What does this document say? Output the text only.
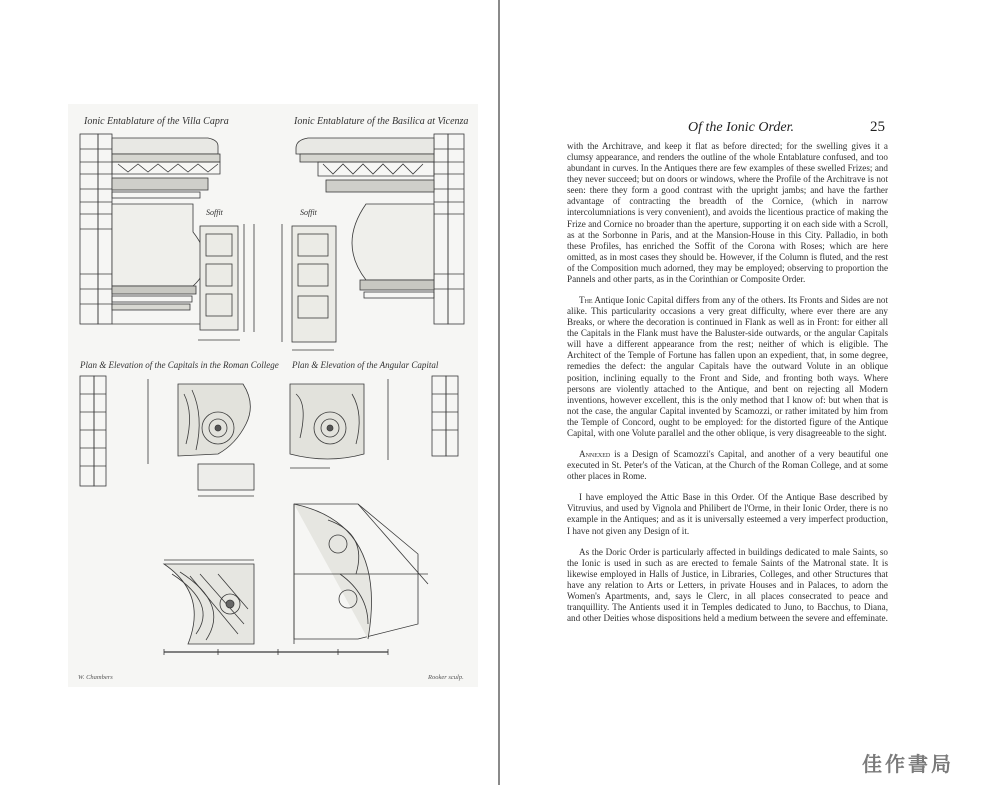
Ionic Entablature of the Villa Capra	Ionic Entablature of the Basilica at Vicenza
Soffit	Soffit
Plan & Elevation of the Capitals in the Roman College Plan & Elevation of the Angular Capital
W. Chambers	Rooker sculp.
Of the Ionic Order.	25

with the Architrave, and keep it flat as before directed; for the swelling gives it a clumsy appearance, and renders the outline of the whole Entablature confused, and too abundant in curves. In the Antiques there are few examples of these swelled Frizes; and they never succeed; but on doors or windows, where the Profile of the Architrave is not seen: there they form a good contrast with the upright jambs; and have the farther advantage of contracting the breadth of the Cornice, (which in narrow intercolumniations is very convenient), and avoids the licentious practice of making the Frize and Cornice no broader than the aperture, supporting it on each side with a Scroll, as at the Sorbonne in Paris, and at the Mansion-House in this City. Palladio, in both these Profiles, has enriched the Soffit of the Corona with Roses; which are here omitted, as in most cases they should be. However, if the Column is fluted, and the rest of the Composition much adorned, they may be employed; observing to proportion the Pannels and other parts, as in the Corinthian or Composite Order.

The Antique Ionic Capital differs from any of the others. Its Fronts and Sides are not alike. This particularity occasions a very great difficulty, where ever there are any Breaks, or where the decoration is continued in Flank as well as in Front: for either all the Capitals in the Flank must have the Baluster-side outwards, or the angular Capitals will have a different appearance from the rest; neither of which is eligible. The Architect of the Temple of Fortune has fallen upon an expedient, that, in some degree, remedies the defect: the angular Capitals have the outward Volute in an oblique position, inclining equally to the Front and Side, and fronting both ways. Where persons are violently attached to the Antique, and bent on rejecting all Modern inventions, however excellent, this is the only method that I know of: but when that is not the case, the angular Capital invented by Scamozzi, or rather imitated by him from the Temple of Concord, ought to be employed: for the distorted figure of the Antique Capital, with one Volute parallel and the other oblique, is very disagreeable to the sight.

Annexed is a Design of Scamozzi's Capital, and another of a very beautiful one executed in St. Peter's of the Vatican, at the Church of the Roman College, and at some other places in Rome.

I have employed the Attic Base in this Order. Of the Antique Base described by Vitruvius, and used by Vignola and Philibert de l'Orme, in their Ionic Order, there is no example in the Antiques; and as it is universally esteemed a very imperfect production, I have not given any Design of it.

As the Doric Order is particularly affected in buildings dedicated to male Saints, so the Ionic is used in such as are erected to female Saints of the Matronal state. It is likewise employed in Halls of Justice, in Libraries, Colleges, and other Structures that have any relation to Arts or Letters, in private Houses and in Palaces, to adorn the Women's Apartments, and, says le Clerc, in all places consecrated to peace and tranquillity. The Antients used it in Temples dedicated to Juno, to Bacchus, to Diana, and other Deities whose dispositions held a medium between the severe and effeminate.

佳作書局
